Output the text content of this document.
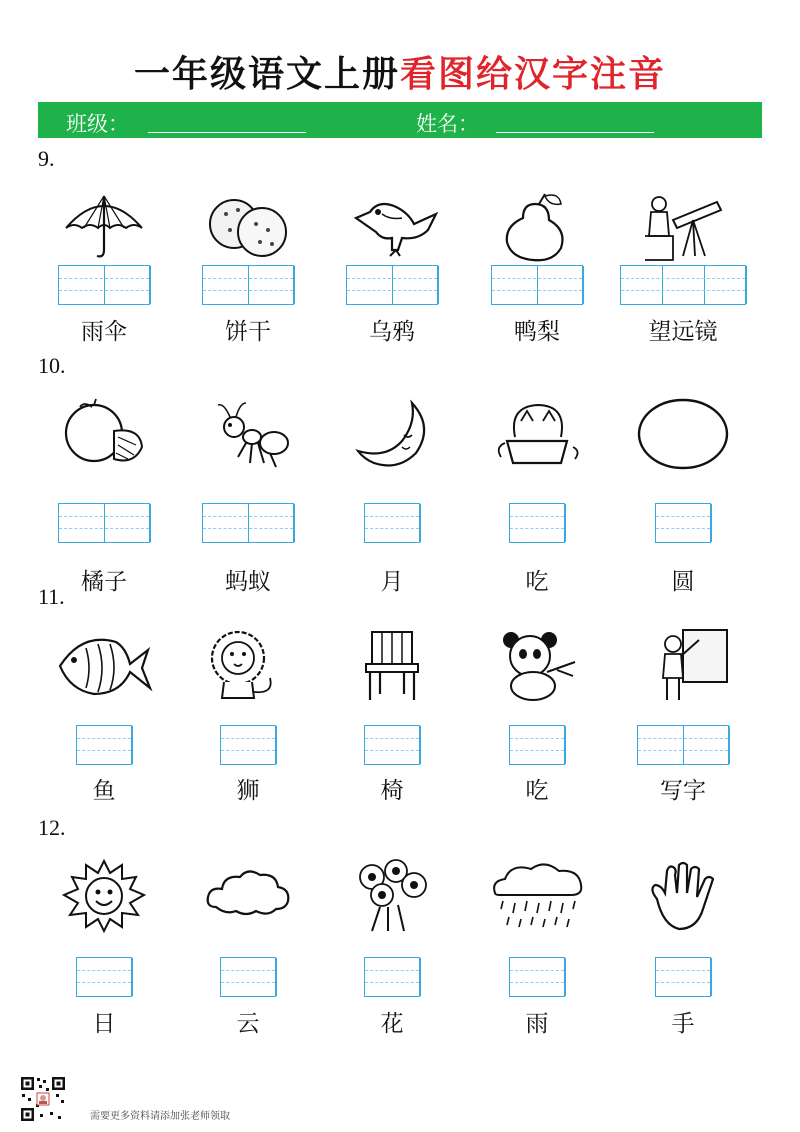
一年级语文上册看图给汉字注音
班级：	姓名：
9.
雨伞	饼干	乌鸦	鸭梨	望远镜
10.
橘子	蚂蚁	月	吃	圆
11.
鱼	狮	椅	吃	写字
12.
日	云	花	雨	手
需要更多资料请添加张老师领取
